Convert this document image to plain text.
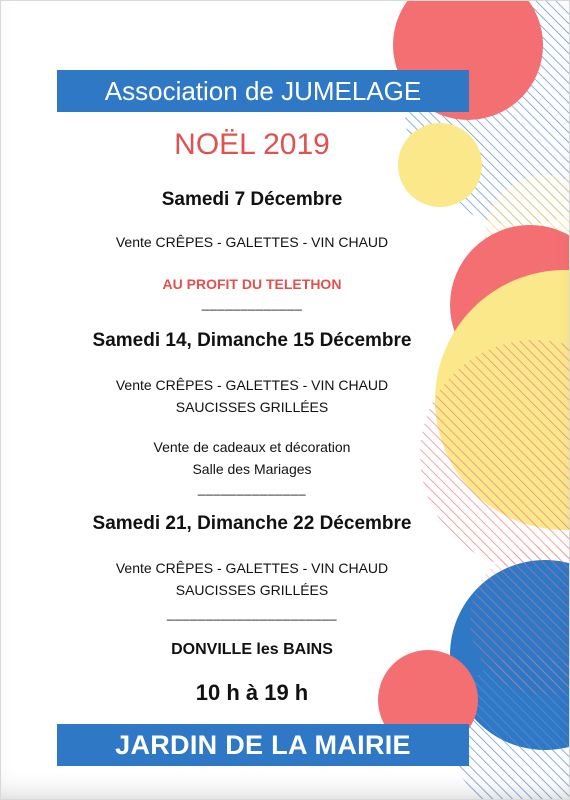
Association de JUMELAGE
NOËL 2019
Samedi 7 Décembre
Vente CRÊPES - GALETTES - VIN CHAUD
AU PROFIT DU TELETHON
_____________
Samedi 14, Dimanche 15 Décembre
Vente CRÊPES - GALETTES - VIN CHAUD
SAUCISSES GRILLÉES
Vente de cadeaux et décoration
Salle des Mariages
______________
Samedi 21, Dimanche 22 Décembre
Vente CRÊPES - GALETTES - VIN CHAUD
SAUCISSES GRILLÉES
______________________
DONVILLE les BAINS
10 h à 19 h
JARDIN DE LA MAIRIE
